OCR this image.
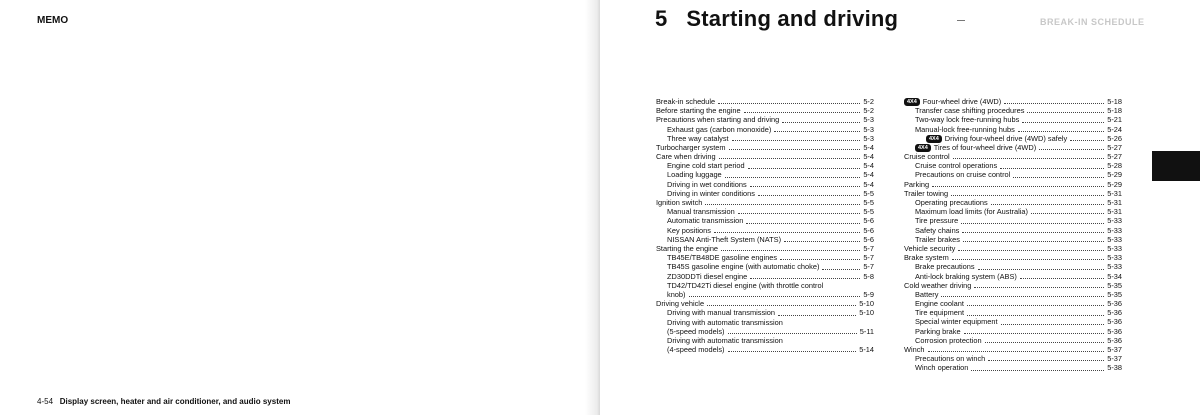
MEMO
4-54 Display screen, heater and air conditioner, and audio system
5 Starting and driving	BREAK-IN SCHEDULE
Break-in schedule	5-2
Before starting the engine	5-2
Precautions when starting and driving	5-3
Exhaust gas (carbon monoxide)	5-3
Three way catalyst	5-3
Turbocharger system	5-4
Care when driving	5-4
Engine cold start period	5-4
Loading luggage	5-4
Driving in wet conditions	5-4
Driving in winter conditions	5-5
Ignition switch	5-5
Manual transmission	5-5
Automatic transmission	5-6
Key positions	5-6
NISSAN Anti-Theft System (NATS)	5-6
Starting the engine	5-7
TB45E/TB48DE gasoline engines	5-7
TB45S gasoline engine (with automatic choke)	5-7
ZD30DDTi diesel engine	5-8
TD42/TD42Ti diesel engine (with throttle control
knob)	5-9
Driving vehicle	5-10
Driving with manual transmission	5-10
Driving with automatic transmission
(5-speed models)	5-11
Driving with automatic transmission
(4-speed models)	5-14
4X4 Four-wheel drive (4WD)	5-18
Transfer case shifting procedures	5-18
Two-way lock free-running hubs	5-21
Manual-lock free-running hubs	5-24
4X4 Driving four-wheel drive (4WD) safely	5-26
4X4 Tires of four-wheel drive (4WD)	5-27
Cruise control	5-27
Cruise control operations	5-28
Precautions on cruise control	5-29
Parking	5-29
Trailer towing	5-31
Operating precautions	5-31
Maximum load limits (for Australia)	5-31
Tire pressure	5-33
Safety chains	5-33
Trailer brakes	5-33
Vehicle security	5-33
Brake system	5-33
Brake precautions	5-33
Anti-lock braking system (ABS)	5-34
Cold weather driving	5-35
Battery	5-35
Engine coolant	5-36
Tire equipment	5-36
Special winter equipment	5-36
Parking brake	5-36
Corrosion protection	5-36
Winch	5-37
Precautions on winch	5-37
Winch operation	5-38
